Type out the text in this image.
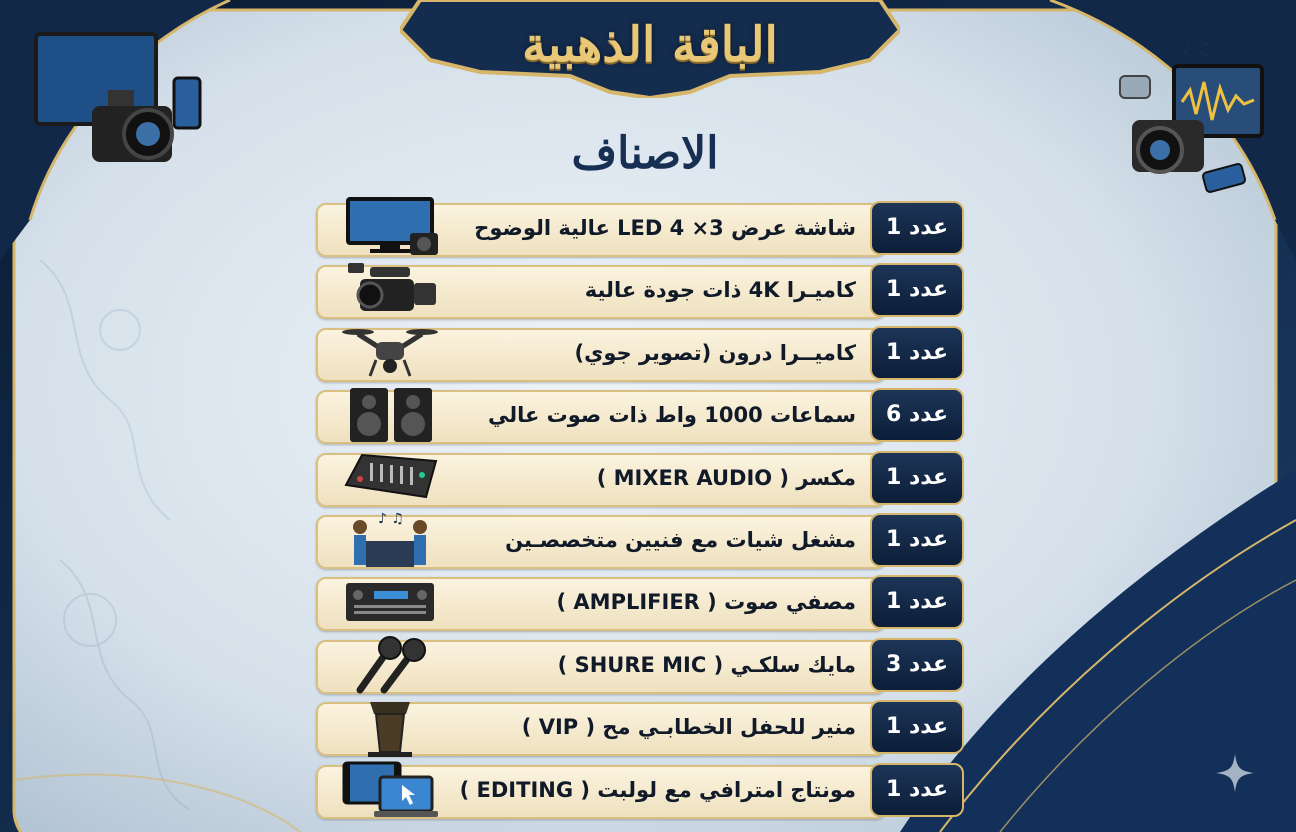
الباقة الذهبية
الاصناف
♪ ♫
شاشة عرض 3× 4 LED عالية الوضوح	عدد 1
كاميـرا 4K ذات جودة عالية	عدد 1
كاميــرا درون (تصوير جوي)	عدد 1
سماعات 1000 واط ذات صوت عالي	عدد 6
مكسر ( MIXER AUDIO )	عدد 1
♪ ♫
مشغل شيات مع فنيين متخصصـين	عدد 1
مصفي صوت ( AMPLIFIER )	عدد 1
مايك سلكـي ( SHURE MIC )	عدد 3
منير للحفل الخطابـي مح ( VIP )	عدد 1
مونتاج امترافي مع لولبت ( EDITING )	عدد 1
